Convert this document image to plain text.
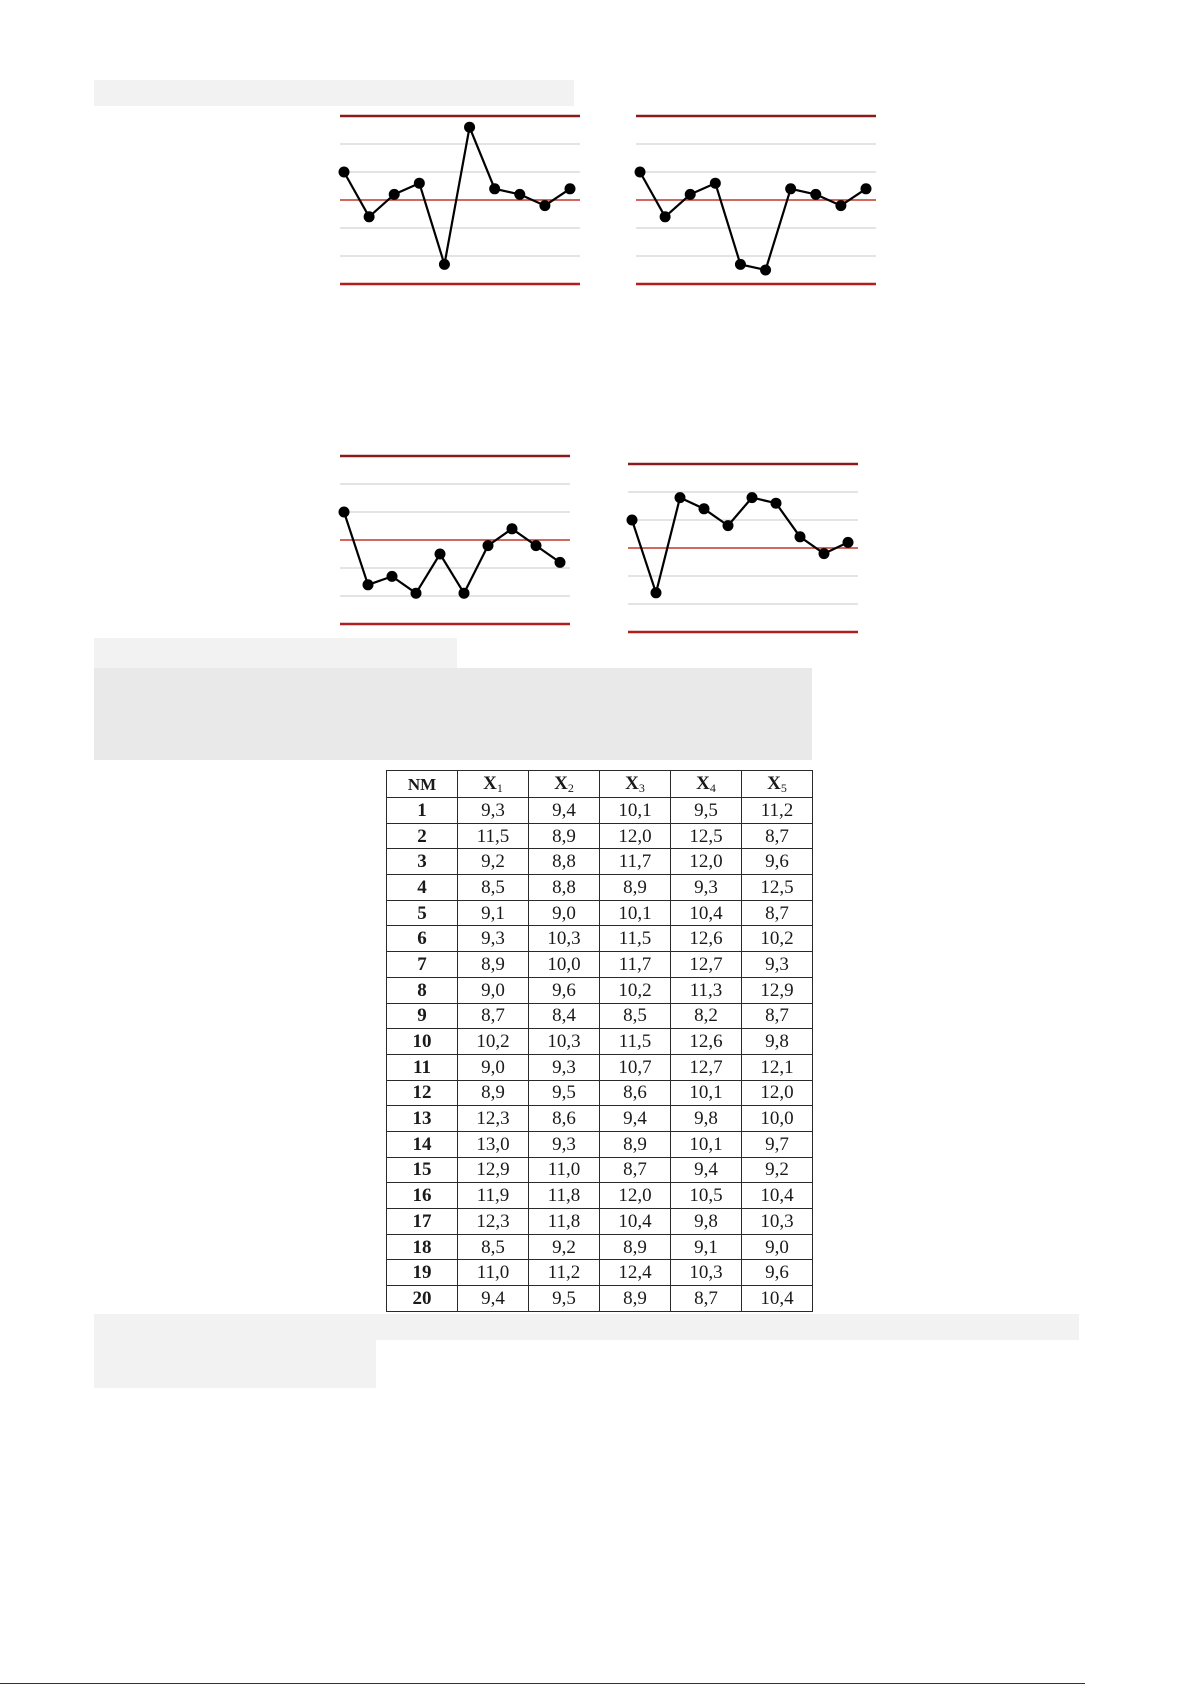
NM	$X_1$	$X_2$	$X_3$	$X_4$	$X_5$
1	9,3	9,4	10,1	9,5	11,2
2	11,5	8,9	12,0	12,5	8,7
3	9,2	8,8	11,7	12,0	9,6
4	8,5	8,8	8,9	9,3	12,5
5	9,1	9,0	10,1	10,4	8,7
6	9,3	10,3	11,5	12,6	10,2
7	8,9	10,0	11,7	12,7	9,3
8	9,0	9,6	10,2	11,3	12,9
9	8,7	8,4	8,5	8,2	8,7
10	10,2	10,3	11,5	12,6	9,8
11	9,0	9,3	10,7	12,7	12,1
12	8,9	9,5	8,6	10,1	12,0
13	12,3	8,6	9,4	9,8	10,0
14	13,0	9,3	8,9	10,1	9,7
15	12,9	11,0	8,7	9,4	9,2
16	11,9	11,8	12,0	10,5	10,4
17	12,3	11,8	10,4	9,8	10,3
18	8,5	9,2	8,9	9,1	9,0
19	11,0	11,2	12,4	10,3	9,6
20	9,4	9,5	8,9	8,7	10,4
